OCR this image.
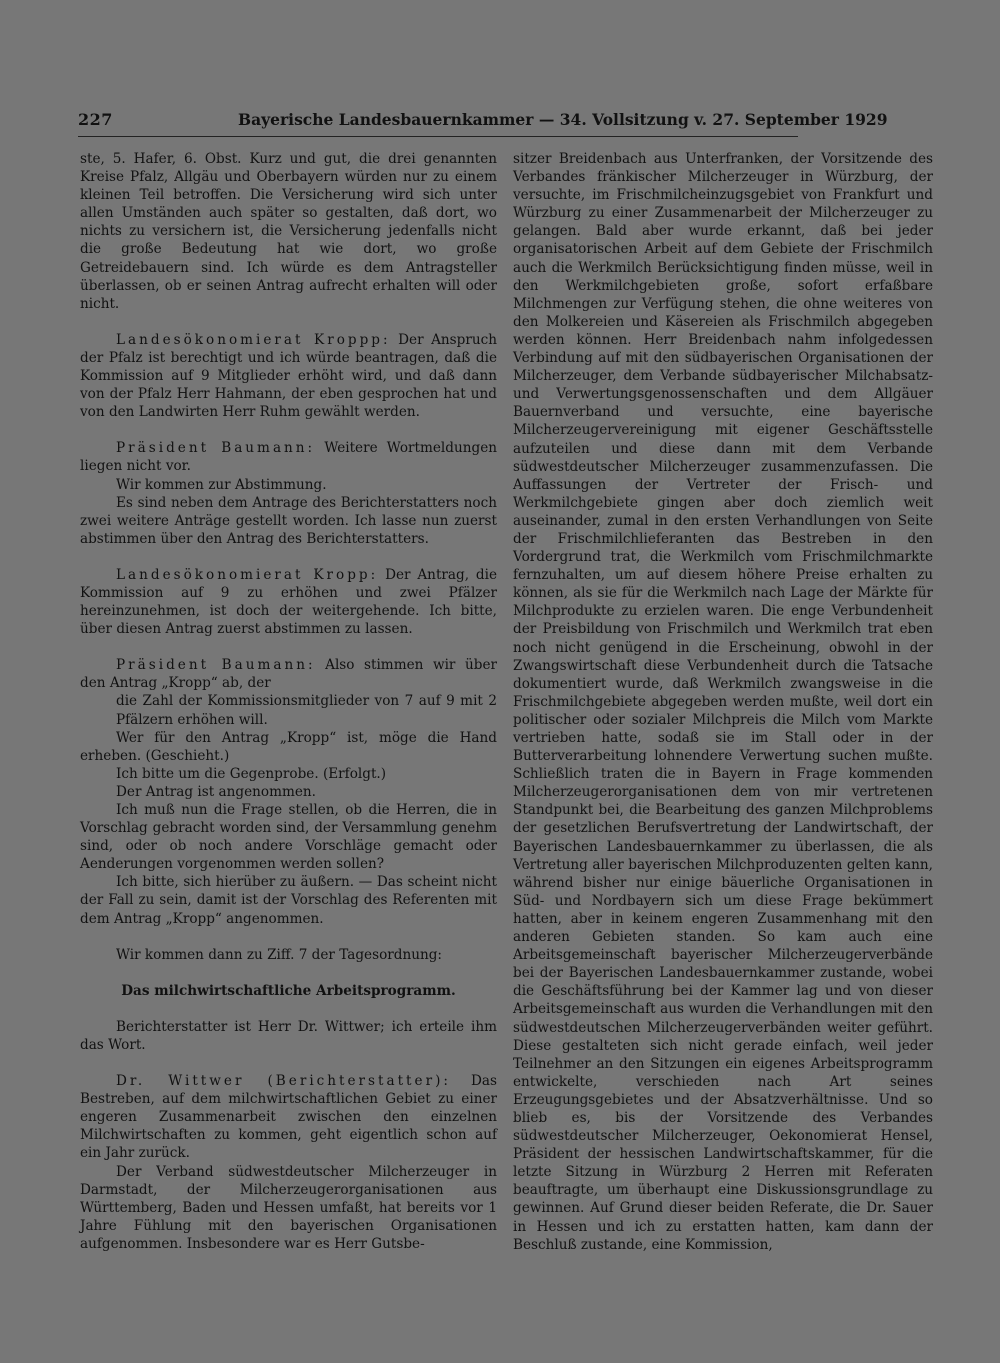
227	Bayerische Landesbauernkammer — 34. Vollsitzung v. 27. September 1929

ste, 5. Hafer, 6. Obst. Kurz und gut, die drei genannten Kreise Pfalz, Allgäu und Oberbayern würden nur zu einem kleinen Teil betroffen. Die Versicherung wird sich unter allen Umständen auch später so gestalten, daß dort, wo nichts zu versichern ist, die Versicherung jedenfalls nicht die große Bedeutung hat wie dort, wo große Getreidebauern sind. Ich würde es dem Antragsteller überlassen, ob er seinen Antrag aufrecht erhalten will oder nicht.

Landesökonomierat Kroppp: Der Anspruch der Pfalz ist berechtigt und ich würde beantragen, daß die Kommission auf 9 Mitglieder erhöht wird, und daß dann von der Pfalz Herr Hahmann, der eben gesprochen hat und von den Landwirten Herr Ruhm gewählt werden.

Präsident Baumann: Weitere Wortmeldungen liegen nicht vor.

Wir kommen zur Abstimmung.

Es sind neben dem Antrage des Berichterstatters noch zwei weitere Anträge gestellt worden. Ich lasse nun zuerst abstimmen über den Antrag des Berichterstatters.

Landesökonomierat Kropp: Der Antrag, die Kommission auf 9 zu erhöhen und zwei Pfälzer hereinzunehmen, ist doch der weitergehende. Ich bitte, über diesen Antrag zuerst abstimmen zu lassen.

Präsident Baumann: Also stimmen wir über den Antrag „Kropp“ ab, der

die Zahl der Kommissionsmitglieder von 7 auf 9 mit 2 Pfälzern erhöhen will.

Wer für den Antrag „Kropp“ ist, möge die Hand erheben. (Geschieht.)

Ich bitte um die Gegenprobe. (Erfolgt.)

Der Antrag ist angenommen.

Ich muß nun die Frage stellen, ob die Herren, die in Vorschlag gebracht worden sind, der Versammlung genehm sind, oder ob noch andere Vorschläge gemacht oder Aenderungen vorgenommen werden sollen?

Ich bitte, sich hierüber zu äußern. — Das scheint nicht der Fall zu sein, damit ist der Vorschlag des Referenten mit dem Antrag „Kropp“ angenommen.

Wir kommen dann zu Ziff. 7 der Tagesordnung:

Das milchwirtschaftliche Arbeitsprogramm.

Berichterstatter ist Herr Dr. Wittwer; ich erteile ihm das Wort.

Dr. Wittwer (Berichterstatter): Das Bestreben, auf dem milchwirtschaftlichen Gebiet zu einer engeren Zusammenarbeit zwischen den einzelnen Milchwirtschaften zu kommen, geht eigentlich schon auf ein Jahr zurück.

Der Verband südwestdeutscher Milcherzeuger in Darmstadt, der Milcherzeugerorganisationen aus Württemberg, Baden und Hessen umfaßt, hat bereits vor 1 Jahre Fühlung mit den bayerischen Organisationen aufgenommen. Insbesondere war es Herr Gutsbe-

sitzer Breidenbach aus Unterfranken, der Vorsitzende des Verbandes fränkischer Milcherzeuger in Würzburg, der versuchte, im Frischmilcheinzugsgebiet von Frankfurt und Würzburg zu einer Zusammenarbeit der Milcherzeuger zu gelangen. Bald aber wurde erkannt, daß bei jeder organisatorischen Arbeit auf dem Gebiete der Frischmilch auch die Werkmilch Berücksichtigung finden müsse, weil in den Werkmilchgebieten große, sofort erfaßbare Milchmengen zur Verfügung stehen, die ohne weiteres von den Molkereien und Käsereien als Frischmilch abgegeben werden können. Herr Breidenbach nahm infolgedessen Verbindung auf mit den südbayerischen Organisationen der Milcherzeuger, dem Verbande südbayerischer Milchabsatz- und Verwertungsgenossenschaften und dem Allgäuer Bauernverband und versuchte, eine bayerische Milcherzeugervereinigung mit eigener Geschäftsstelle aufzuteilen und diese dann mit dem Verbande südwestdeutscher Milcherzeuger zusammenzufassen. Die Auffassungen der Vertreter der Frisch- und Werkmilchgebiete gingen aber doch ziemlich weit auseinander, zumal in den ersten Verhandlungen von Seite der Frischmilchlieferanten das Bestreben in den Vordergrund trat, die Werkmilch vom Frischmilchmarkte fernzuhalten, um auf diesem höhere Preise erhalten zu können, als sie für die Werkmilch nach Lage der Märkte für Milchprodukte zu erzielen waren. Die enge Verbundenheit der Preisbildung von Frischmilch und Werkmilch trat eben noch nicht genügend in die Erscheinung, obwohl in der Zwangswirtschaft diese Verbundenheit durch die Tatsache dokumentiert wurde, daß Werkmilch zwangsweise in die Frischmilchgebiete abgegeben werden mußte, weil dort ein politischer oder sozialer Milchpreis die Milch vom Markte vertrieben hatte, sodaß sie im Stall oder in der Butterverarbeitung lohnendere Verwertung suchen mußte. Schließlich traten die in Bayern in Frage kommenden Milcherzeugerorganisationen dem von mir vertretenen Standpunkt bei, die Bearbeitung des ganzen Milchproblems der gesetzlichen Berufsvertretung der Landwirtschaft, der Bayerischen Landesbauernkammer zu überlassen, die als Vertretung aller bayerischen Milchproduzenten gelten kann, während bisher nur einige bäuerliche Organisationen in Süd- und Nordbayern sich um diese Frage bekümmert hatten, aber in keinem engeren Zusammenhang mit den anderen Gebieten standen. So kam auch eine Arbeitsgemeinschaft bayerischer Milcherzeugerverbände bei der Bayerischen Landesbauernkammer zustande, wobei die Geschäftsführung bei der Kammer lag und von dieser Arbeitsgemeinschaft aus wurden die Verhandlungen mit den südwestdeutschen Milcherzeugerverbänden weiter geführt. Diese gestalteten sich nicht gerade einfach, weil jeder Teilnehmer an den Sitzungen ein eigenes Arbeitsprogramm entwickelte, verschieden nach Art seines Erzeugungsgebietes und der Absatzverhältnisse. Und so blieb es, bis der Vorsitzende des Verbandes südwestdeutscher Milcherzeuger, Oekonomierat Hensel, Präsident der hessischen Landwirtschaftskammer, für die letzte Sitzung in Würzburg 2 Herren mit Referaten beauftragte, um überhaupt eine Diskussionsgrundlage zu gewinnen. Auf Grund dieser beiden Referate, die Dr. Sauer in Hessen und ich zu erstatten hatten, kam dann der Beschluß zustande, eine Kommission,
